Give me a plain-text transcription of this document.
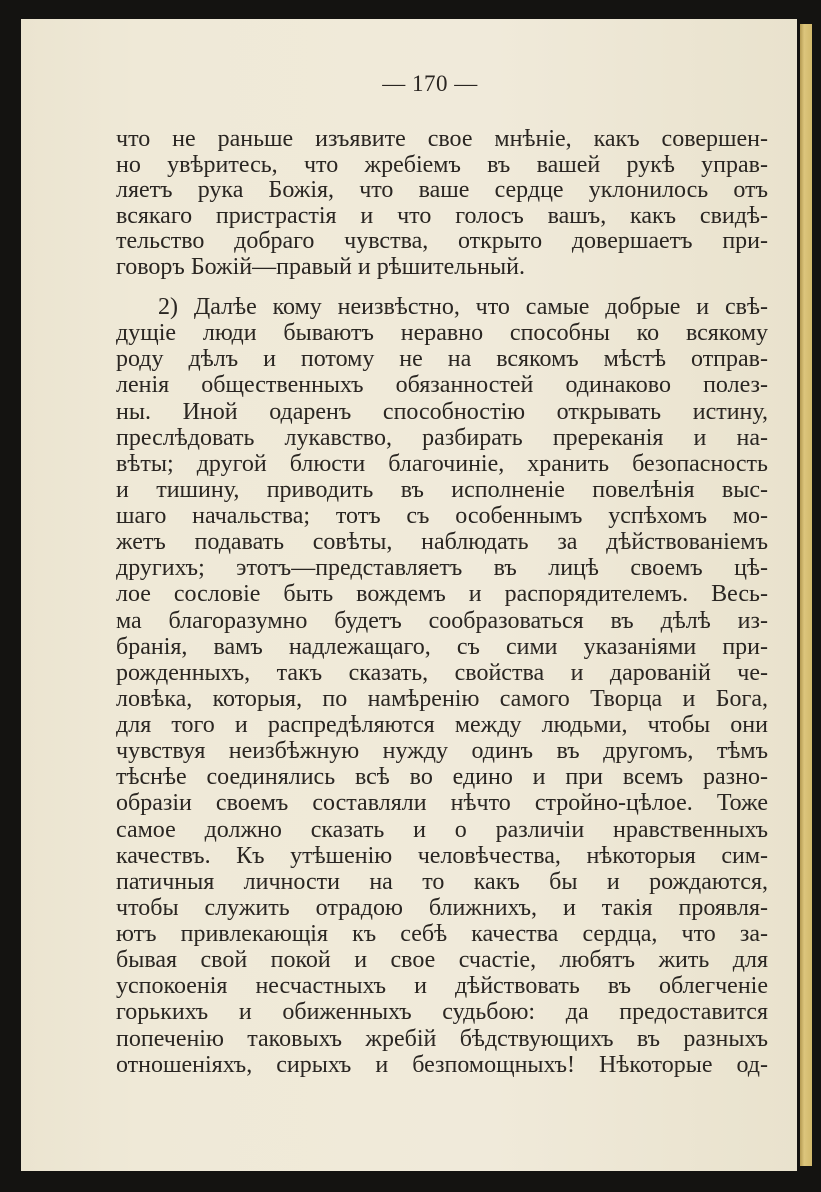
— 170 —
что не раньше изъявите свое мнѣніе, какъ совершен-
но увѣритесь, что жребіемъ въ вашей рукѣ управ-
ляетъ рука Божія, что ваше сердце уклонилось отъ
всякаго пристрастія и что голосъ вашъ, какъ свидѣ-
тельство добраго чувства, открыто довершаетъ при-
говоръ Божій—правый и рѣшительный.
2) Далѣе кому неизвѣстно, что самые добрые и свѣ-
дущіе люди бываютъ неравно способны ко всякому
роду дѣлъ и потому не на всякомъ мѣстѣ отправ-
ленія общественныхъ обязанностей одинаково полез-
ны. Иной одаренъ способностію открывать истину,
преслѣдовать лукавство, разбирать пререканія и на-
вѣты; другой блюсти благочиніе, хранить безопасность
и тишину, приводить въ исполненіе повелѣнія выс-
шаго начальства; тотъ съ особеннымъ успѣхомъ мо-
жетъ подавать совѣты, наблюдать за дѣйствованіемъ
другихъ; этотъ—представляетъ въ лицѣ своемъ цѣ-
лое сословіе быть вождемъ и распорядителемъ. Весь-
ма благоразумно будетъ сообразоваться въ дѣлѣ из-
бранія, вамъ надлежащаго, съ сими указаніями при-
рожденныхъ, такъ сказать, свойства и дарованій че-
ловѣка, которыя, по намѣренію самого Творца и Бога,
для того и распредѣляются между людьми, чтобы они
чувствуя неизбѣжную нужду одинъ въ другомъ, тѣмъ
тѣснѣе соединялись всѣ во едино и при всемъ разно-
образіи своемъ составляли нѣчто стройно-цѣлое. Тоже
самое должно сказать и о различіи нравственныхъ
качествъ. Къ утѣшенію человѣчества, нѣкоторыя сим-
патичныя личности на то какъ бы и рождаются,
чтобы служить отрадою ближнихъ, и такія проявля-
ютъ привлекающія къ себѣ качества сердца, что за-
бывая свой покой и свое счастіе, любятъ жить для
успокоенія несчастныхъ и дѣйствовать въ облегченіе
горькихъ и обиженныхъ судьбою: да предоставится
попеченію таковыхъ жребій бѣдствующихъ въ разныхъ
отношеніяхъ, сирыхъ и безпомощныхъ! Нѣкоторые од-
